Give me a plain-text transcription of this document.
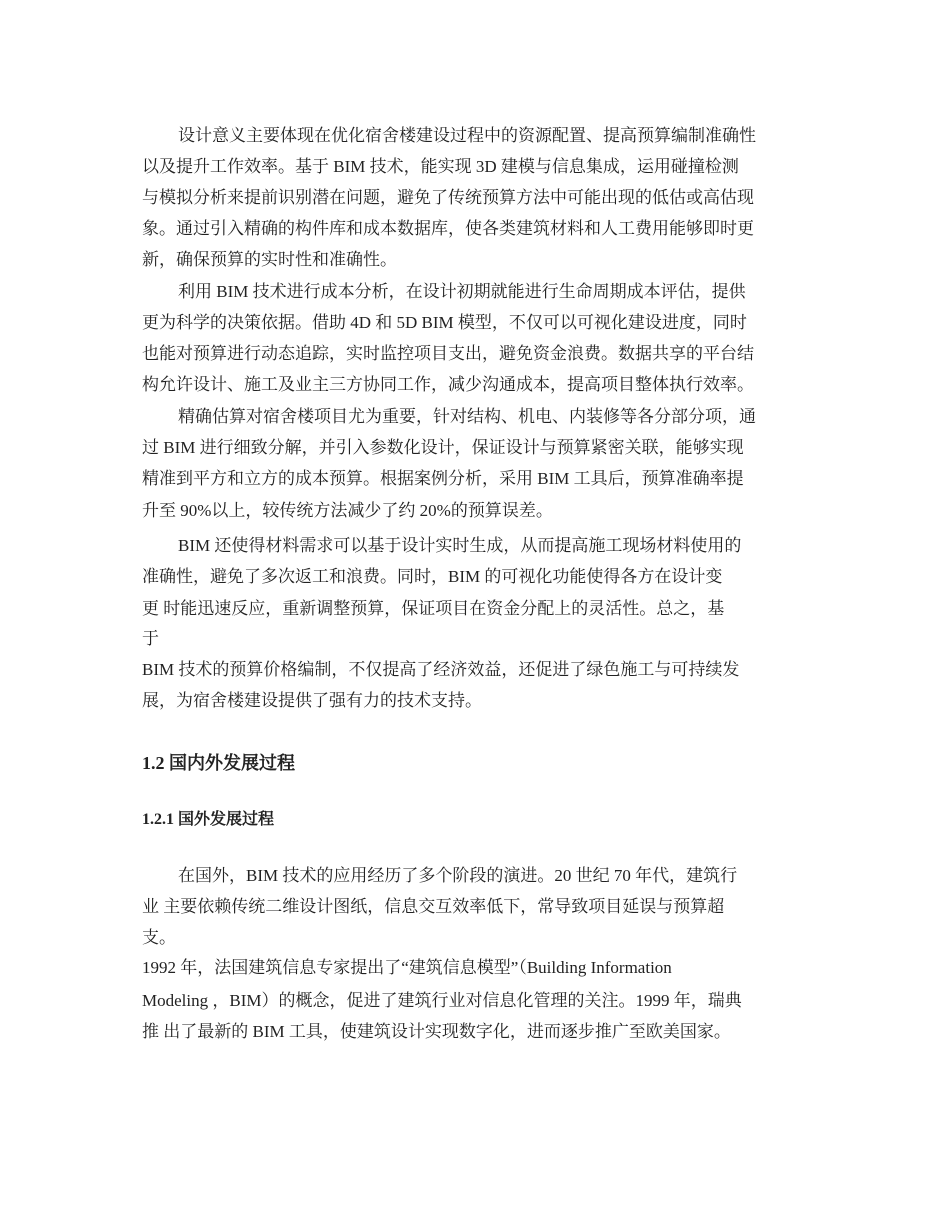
设计意义主要体现在优化宿舍楼建设过程中的资源配置、提高预算编制准确性
以及提升工作效率。基于 BIM 技术，能实现 3D 建模与信息集成，运用碰撞检测
与模拟分析来提前识别潜在问题，避免了传统预算方法中可能出现的低估或高估现
象。通过引入精确的构件库和成本数据库，使各类建筑材料和人工费用能够即时更
新，确保预算的实时性和准确性。
利用 BIM 技术进行成本分析，在设计初期就能进行生命周期成本评估，提供
更为科学的决策依据。借助 4D 和 5D BIM 模型，不仅可以可视化建设进度，同时
也能对预算进行动态追踪，实时监控项目支出，避免资金浪费。数据共享的平台结
构允许设计、施工及业主三方协同工作，减少沟通成本，提高项目整体执行效率。
精确估算对宿舍楼项目尤为重要，针对结构、机电、内装修等各分部分项，通
过 BIM 进行细致分解，并引入参数化设计，保证设计与预算紧密关联，能够实现
精准到平方和立方的成本预算。根据案例分析，采用 BIM 工具后，预算准确率提
升至 90%以上，较传统方法减少了约 20%的预算误差。
BIM 还使得材料需求可以基于设计实时生成，从而提高施工现场材料使用的
准确性，避免了多次返工和浪费。同时，BIM 的可视化功能使得各方在设计变
更 时能迅速反应，重新调整预算，保证项目在资金分配上的灵活性。总之，基
于
BIM 技术的预算价格编制，不仅提高了经济效益，还促进了绿色施工与可持续发
展，为宿舍楼建设提供了强有力的技术支持。
1.2 国内外发展过程
1.2.1 国外发展过程
在国外，BIM 技术的应用经历了多个阶段的演进。20 世纪 70 年代，建筑行
业 主要依赖传统二维设计图纸，信息交互效率低下，常导致项目延误与预算超
支。
1992 年，法国建筑信息专家提出了“建筑信息模型”（Building Information
Modeling ，BIM）的概念，促进了建筑行业对信息化管理的关注。1999 年，瑞典
推 出了最新的 BIM 工具，使建筑设计实现数字化，进而逐步推广至欧美国家。
